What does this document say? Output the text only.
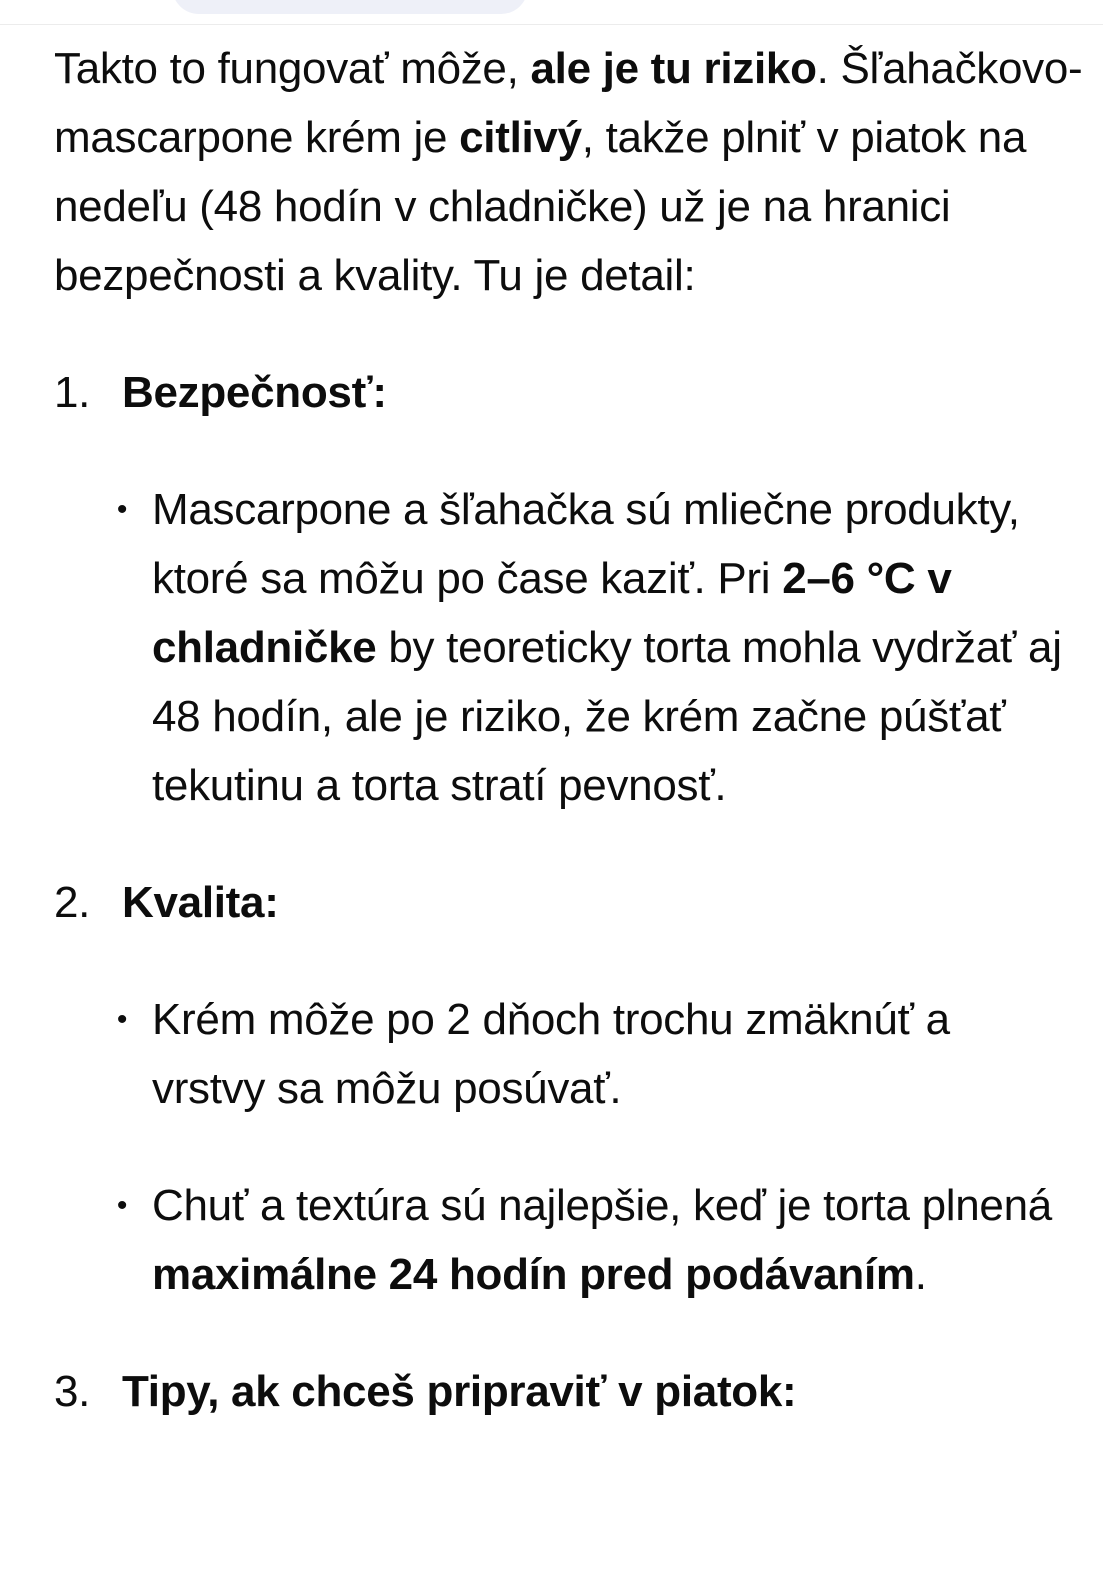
Takto to fungovať môže, ale je tu riziko. Šľahačkovo-mascarpone krém je citlivý, takže plniť v piatok na nedeľu (48 hodín v chladničke) už je na hranici bezpečnosti a kvality. Tu je detail:

1. Bezpečnosť:
• Mascarpone a šľahačka sú mliečne produkty, ktoré sa môžu po čase kaziť. Pri 2–6 °C v chladničke by teoreticky torta mohla vydržať aj 48 hodín, ale je riziko, že krém začne púšťať tekutinu a torta stratí pevnosť.
2. Kvalita:
• Krém môže po 2 dňoch trochu zmäknúť a vrstvy sa môžu posúvať.
• Chuť a textúra sú najlepšie, keď je torta plnená maximálne 24 hodín pred podávaním.
3. Tipy, ak chceš pripraviť v piatok:
